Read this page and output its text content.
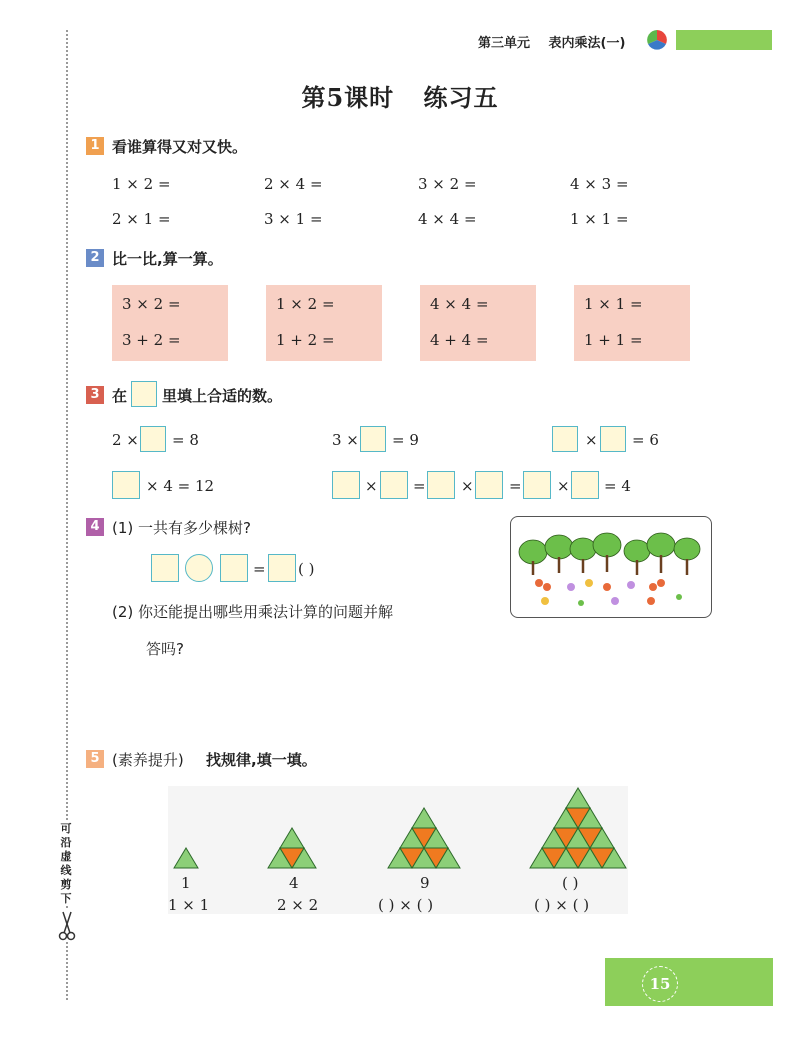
可沿虚线剪下
第三单元 表内乘法(一)
第5课时 练习五
1 看谁算得又对又快。
1 × 2 =	2 × 4 =	3 × 2 =	4 × 3 =
2 × 1 =	3 × 1 =	4 × 4 =	1 × 1 =
2 比一比,算一算。
3 × 2 =
3 + 2 =
1 × 2 =
1 + 2 =
4 × 4 =
4 + 4 =
1 × 1 =
1 + 1 =
3 在 里填上合适的数。
2 × = 8	3 × = 9	× = 6
× 4 = 12	× = × = × = 4
4 (1) 一共有多少棵树?
= ( )
(2) 你还能提出哪些用乘法计算的问题并解
答吗?
5 (素养提升) 找规律,填一填。
1	4	9	( )
1 × 1	2 × 2	( ) × ( )	( ) × ( )
15
